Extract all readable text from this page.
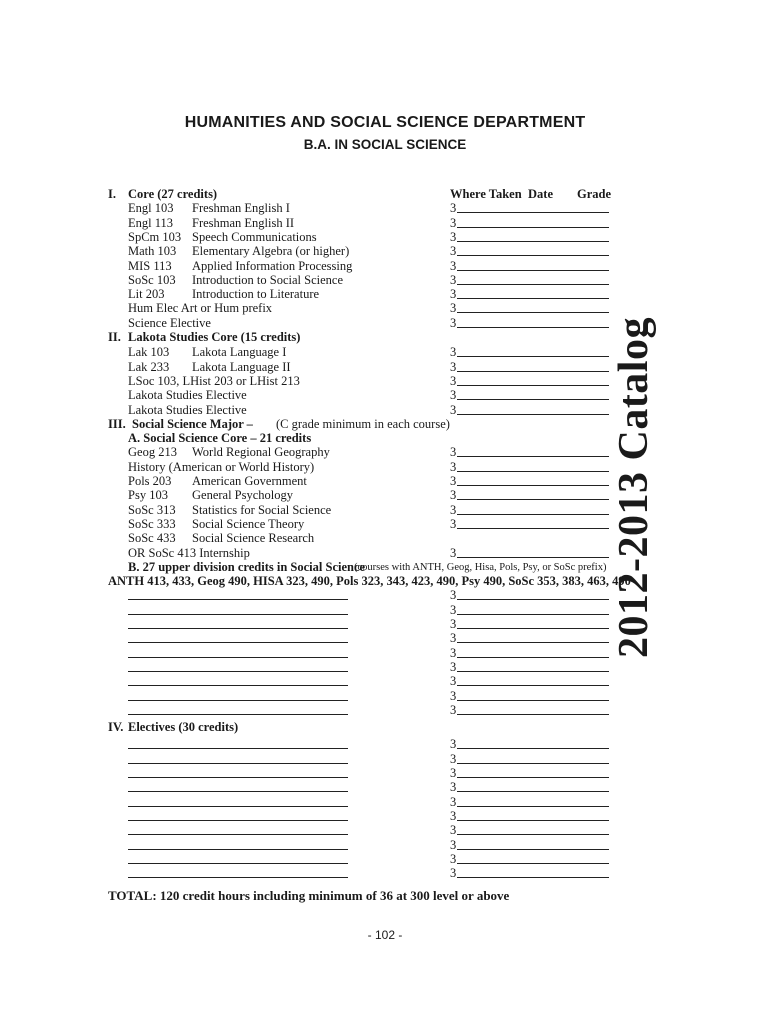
HUMANITIES AND SOCIAL SCIENCE DEPARTMENT
B.A. IN SOCIAL SCIENCE
Where Taken Date Grade
I. Core (27 credits)
Engl 103 Freshman English I	3
Engl 113 Freshman English II	3
SpCm 103 Speech Communications	3
Math 103 Elementary Algebra (or higher)	3
MIS 113 Applied Information Processing	3
SoSc 103 Introduction to Social Science	3
Lit 203 Introduction to Literature	3
Hum Elec Art or Hum prefix	3
Science Elective	3
II. Lakota Studies Core (15 credits)
Lak 103 Lakota Language I	3
Lak 233 Lakota Language II	3
LSoc 103, LHist 203 or LHist 213	3
Lakota Studies Elective	3
Lakota Studies Elective	3
III. Social Science Major – (C grade minimum in each course)
A. Social Science Core – 21 credits
Geog 213 World Regional Geography	3
History (American or World History)	3
Pols 203 American Government	3
Psy 103 General Psychology	3
SoSc 313 Statistics for Social Science	3
SoSc 333 Social Science Theory	3
SoSc 433 Social Science Research
OR SoSc 413 Internship	3
B. 27 upper division credits in Social Science
(courses with ANTH, Geog, Hisa, Pols, Psy, or SoSc prefix)
ANTH 413, 433, Geog 490, HISA 323, 490, Pols 323, 343, 423, 490, Psy 490, SoSc 353, 383, 463, 490
3
3
3
3
3
3
3
3
3
IV. Electives (30 credits)
3
3
3
3
3
3
3
3
3
3
2012-2013 Catalog
TOTAL: 120 credit hours including minimum of 36 at 300 level or above
- 102 -
